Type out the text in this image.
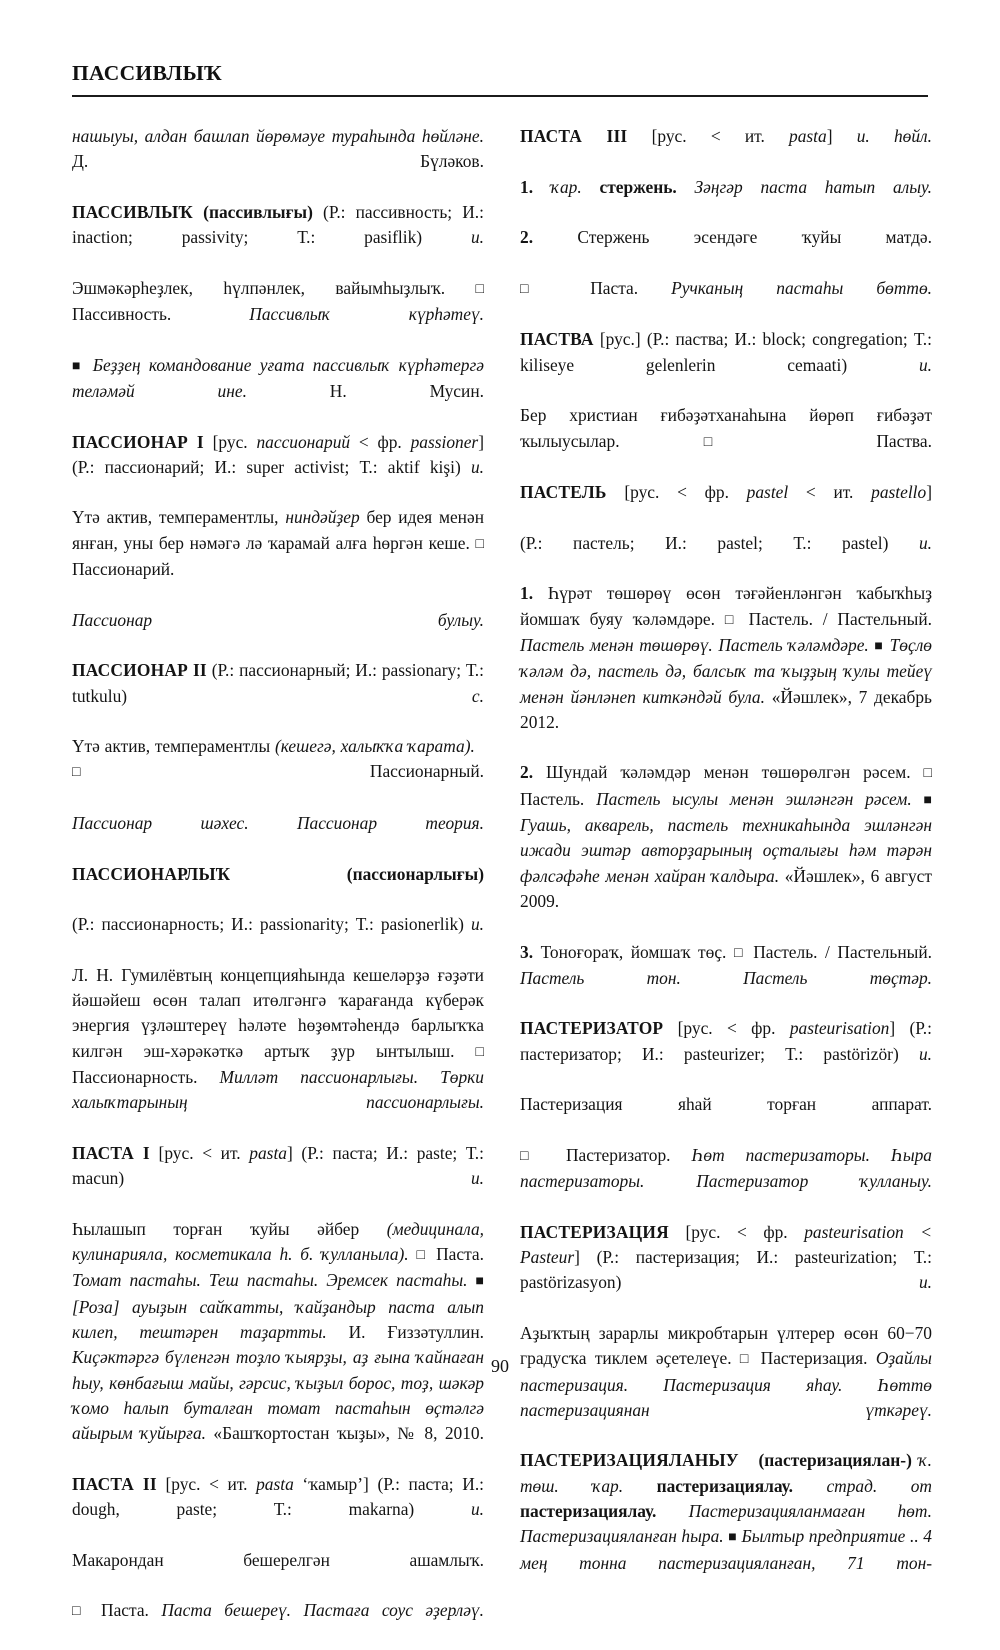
ПАССИВЛЫҠ

нашыуы, алдан башлап йөрөмәye тураһында һөйләне. Д. Бүләков.

ПАССИВЛЫҠ (пассивлығы) (Р.: пассивность; И.: inaction; passivity; Т.: pasiflik)	и.

Эшмәкәрһеҙлек, һүлпәнлек, вайымһыҙлыҡ. □ Пассивность.	Пассивлыҡ күрһәтеү.

■ Беҙҙең командование уғата пассивлыҡ күрһәтергә теләмәй ине. Н. Мусин.

ПАССИОНАР I [рус. пассионарий < фр. passioner] (Р.: пассионарий; И.: super activist; Т.: aktif kişi) и.

Үтә актив, темпераментлы, ниндәйҙер бер идея менән янған, уны бер нәмәгә лә ҡарамай алға һөргән кеше. □ Пассионарий.

Пассионар булыу.

ПАССИОНАР II (Р.: пассионарный; И.: passionary; Т.: tutkulu)	с.

Үтә актив, темпераментлы (кешегә, халыҡҡа ҡарата).   □ Пассионарный.

Пассионар шәхес. Пассионар теория.

ПАССИОНАРЛЫҠ	(пассионарлығы)

(Р.: пассионарность; И.: passionarity; Т.: pasionerlik) и.

Л. Н. Гумилёвтың концепцияһында кешеләрҙә ғәҙәти йәшәйеш өсөн талап итөлгәнгә ҡарағанда күберәк энергия үҙләштереү һәләте һөҙөмтәһендә барлыҡҡа килгән эш-хәрәкәткә артыҡ ҙур ынтылыш. □ Пассионарность. Милләт пассионарлығы. Төрки халыҡтарының пассионарлығы.

ПАСТА I [рус. < ит. pasta] (Р.: паста; И.: paste; Т.: macun)	и.

Һылашып торған ҡуйы әйбер (медицинала, кулинарияла, косметикала һ. б. ҡулланыла). □ Паста. Томат пастаһы. Теш пастаһы. Эремсек пастаһы. ■ [Роза] ауыҙын сайҡатты, ҡайҙандыр паста алып килеп, тештәрен таҙартты. И. Ғиззәтуллин. Киҫәктәргә бүленгән тоҙло ҡыярҙы, аҙ ғына ҡайнаған һыу, көнбағыш майы, гәрсис, ҡыҙыл борос, тоҙ, шәкәр ҡомо һалып буталған томат пастаһын өҫтәлгә айырым ҡуйырға. «Башҡортостан ҡыҙы», № 8, 2010.

ПАСТА II [рус. < ит. pasta ‘ҡамыр’] (Р.: паста; И.: dough, paste; Т.: makarna)	и.

Макарондан бешерелгән ашамлыҡ.

□ Паста. Паста бешереү. Пастаға соус әҙерләү.

ПАСТА III [рус. < ит. pasta] и. һөйл.

1. ҡар. стержень. Зәңгәр паста һатып алыу.

2.	Стержень эсендәге ҡуйы матдә.

□ Паста. Ручканың пастаһы бөттө.

ПАСТВА [рус.] (Р.: паства; И.: block; congregation; Т.: kiliseye gelenlerin cemaati)	и.

Бер христиан ғибәҙәтханаһына йөрөп ғибәҙәт ҡылыусылар. □	Паства.

ПАСТЕЛЬ [рус. < фр. pastel < ит. pastello]

(Р.: пастель; И.: pastel; Т.: pastel) и.

1. Һүрәт төшөрөү өсөн тәғәйенләнгән ҡабыҡһыҙ йомшаҡ буяу ҡәләмдәре. □ Пастель. / Пастельный. Пастель менән төшөрөү. Пастель ҡәләмдәре. ■ Төҫлө ҡәләм дә, пастель дә, балсыҡ та ҡыҙҙың ҡулы тейеү менән йәнләнеп киткәндәй була. «Йәшлек», 7 декабрь 2012.

2. Шундай ҡәләмдәр менән төшөрөлгән рәсем. □ Пастель. Пастель ысулы менән эшләнгән рәсем. ■ Гуашь, акварель, пастель техникаһында эшләнгән ижади эштәр авторҙарының оҫталығы һәм тәрән фәлсәфәһе менән хайран ҡалдыра. «Йәшлек», 6 август 2009.

3. Тоноғораҡ, йомшаҡ төҫ. □ Пастель. / Пастельный. Пастель тон. Пастель төҫтәр.

ПАСТЕРИЗАТОР [рус. < фр. pasteurisation] (Р.: пастеризатор; И.: pasteurizer; Т.: pastörizör) и.

Пастеризация яһай торған аппарат.

□ Пастеризатор. Һөт пастеризаторы. Һыра пастеризаторы. Пастеризатор ҡулланыу.

ПАСТЕРИЗАЦИЯ [рус. < фр. pasteurisation < Pasteur] (Р.: пастеризация; И.: pasteurization; Т.: pastörizasyon)	и.

Аҙыҡтың зарарлы микробтарын үлтерер өсөн 60−70 градусҡа тиклем әҫетелеүе. □ Пастеризация. Оҙайлы пастеризация. Пастеризация яһау. Һөттө пастеризациянан үткәреү.

ПАСТЕРИЗАЦИЯЛАНЫУ (пастеризациялан-) ҡ. төш. ҡар. пастеризациялау. страд. от пастеризациялау. Пастеризацияланмаған һөт. Пастеризацияланған һыра. ■ Былтыр предприятие .. 4 мең тонна пастеризацияланған, 71 тон-

90
